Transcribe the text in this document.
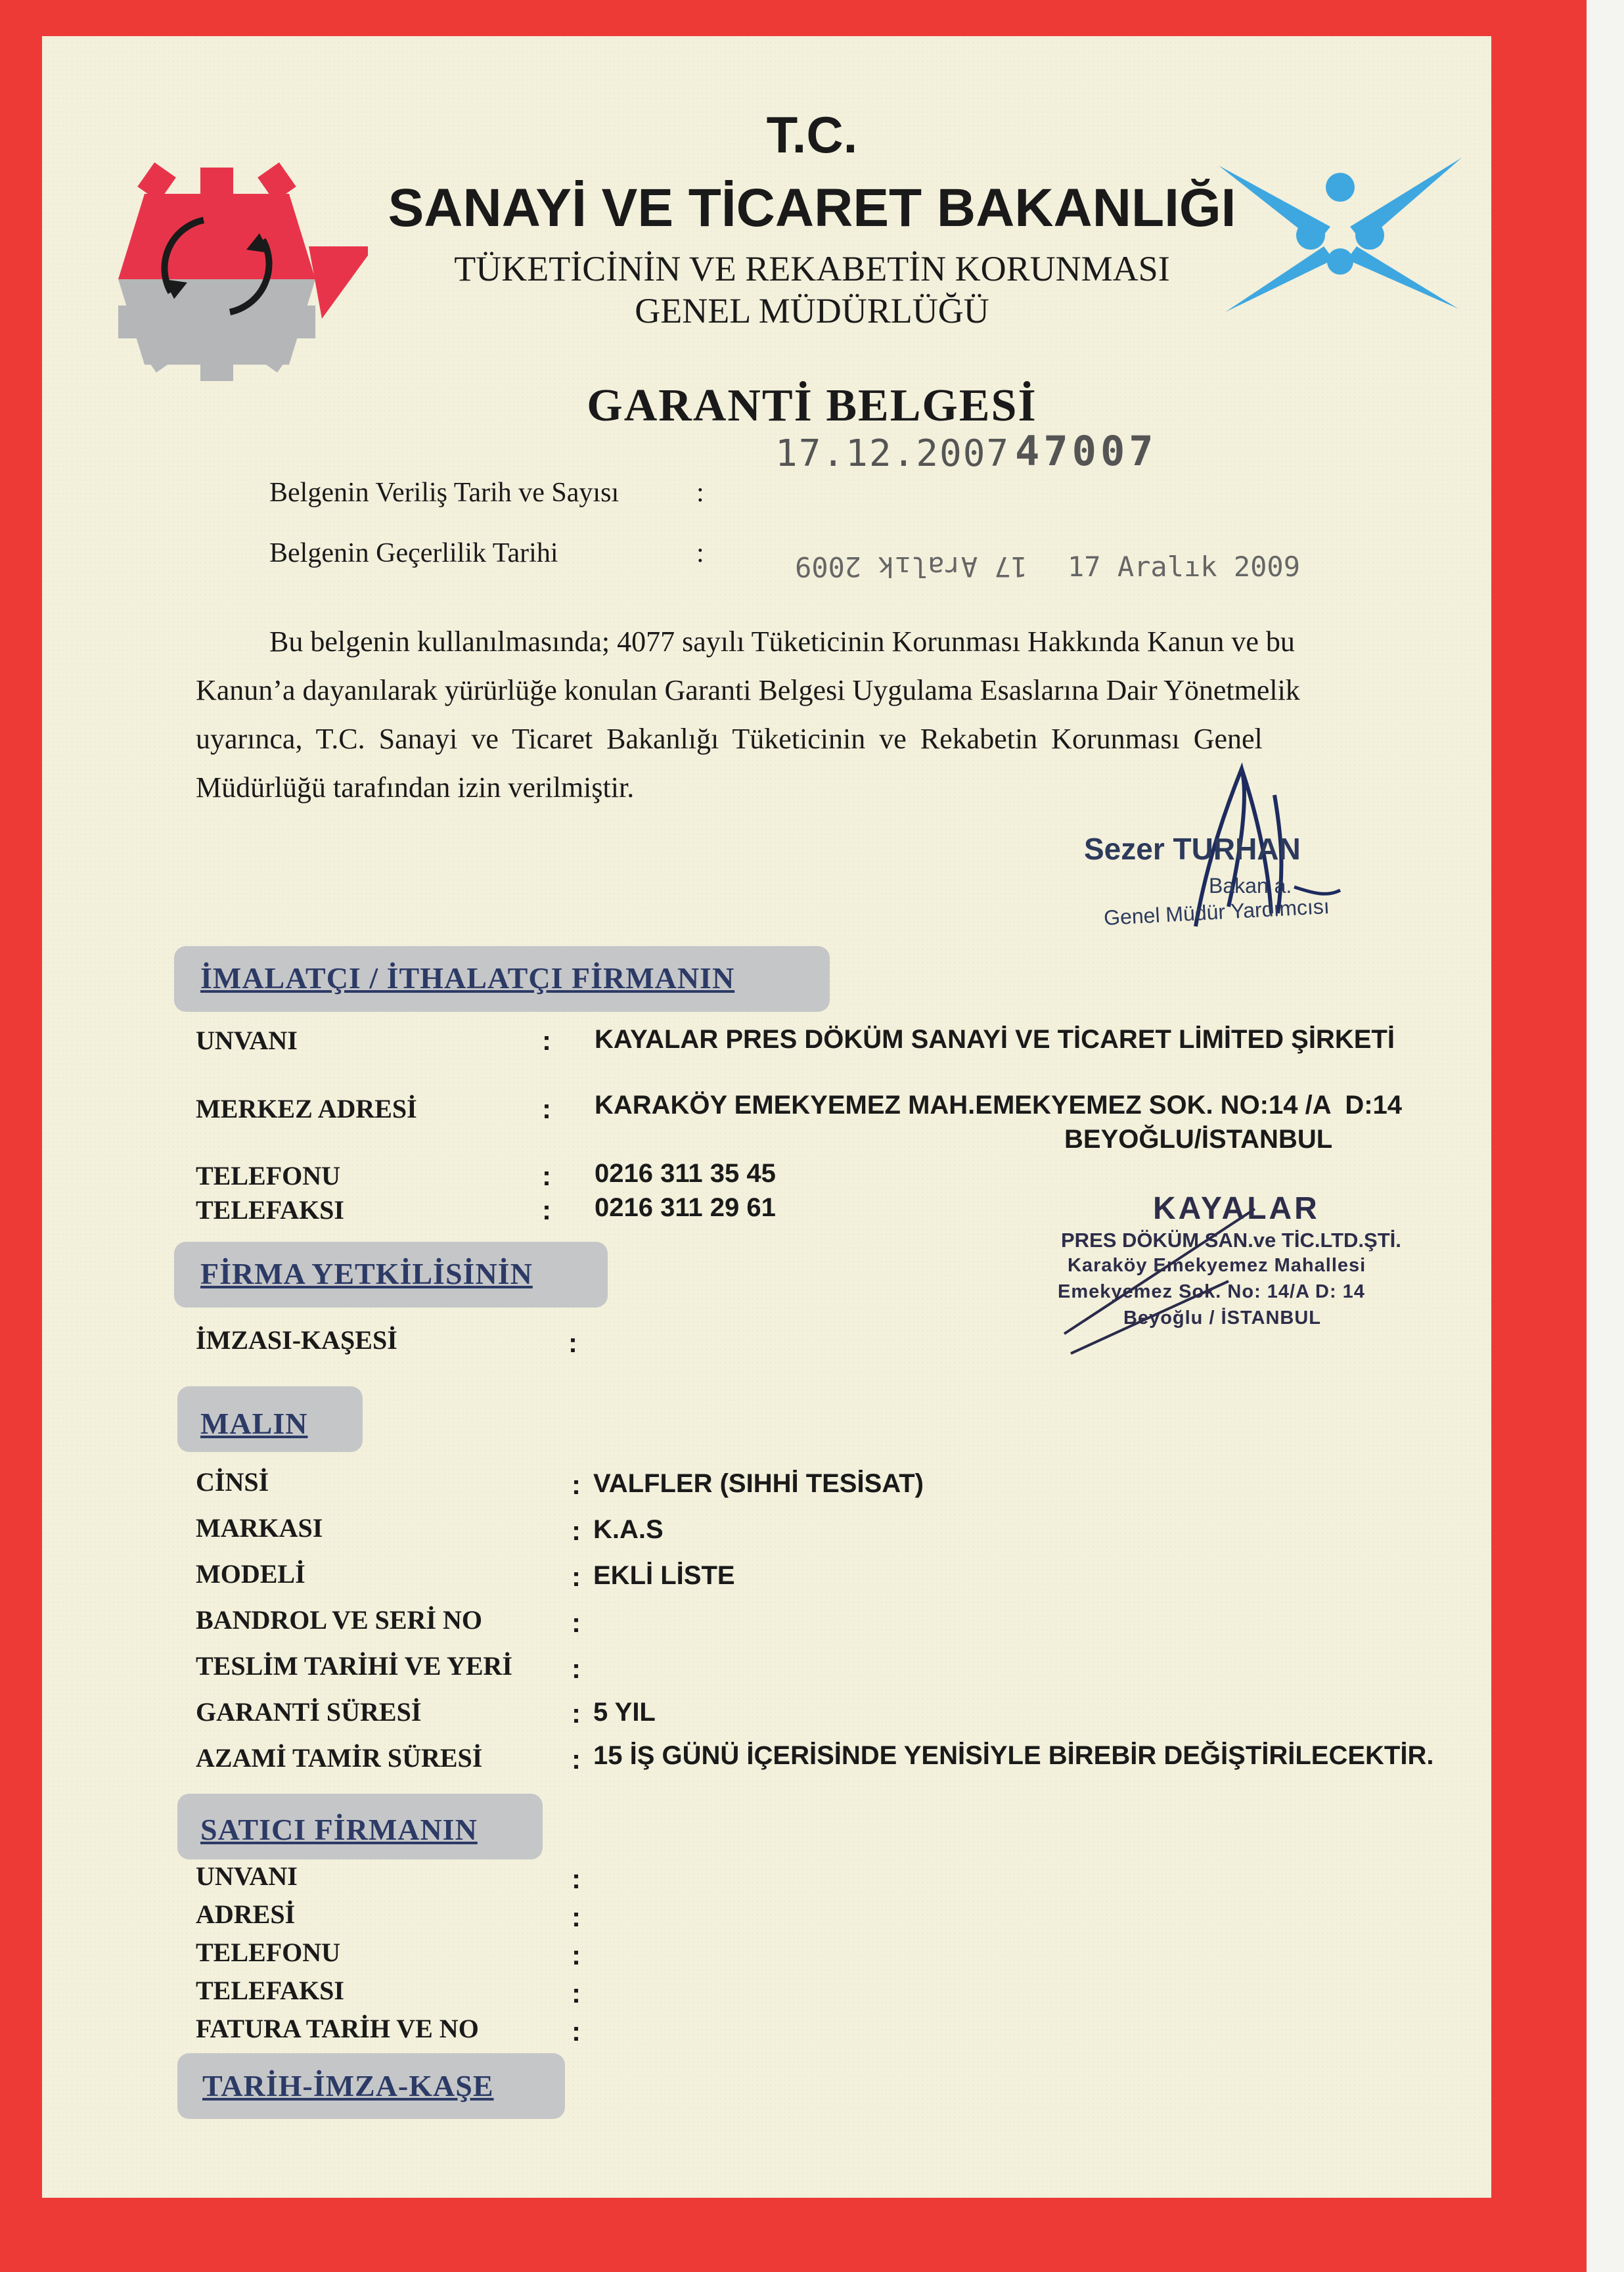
T.C.
SANAYİ VE TİCARET BAKANLIĞI
TÜKETİCİNİN VE REKABETİN KORUNMASI
GENEL MÜDÜRLÜĞÜ
GARANTİ BELGESİ
Belgenin Veriliş Tarih ve Sayısı	:
17.12.2007 47007
Belgenin Geçerlilik Tarihi	:	17 Aralık 2009 17 Aralık 2009
Bu belgenin kullanılmasında; 4077 sayılı Tüketicinin Korunması Hakkında Kanun ve bu
Kanun’a dayanılarak yürürlüğe konulan Garanti Belgesi Uygulama Esaslarına Dair Yönetmelik
uyarınca, T.C. Sanayi ve Ticaret Bakanlığı Tüketicinin ve Rekabetin Korunması Genel
Müdürlüğü tarafından izin verilmiştir.
Sezer TURHAN
Bakan a.
Genel Müdür Yardımcısı
İMALATÇI / İTHALATÇI FİRMANIN
UNVANI	: KAYALAR PRES DÖKÜM SANAYİ VE TİCARET LİMİTED ŞİRKETİ
MERKEZ ADRESİ	: KARAKÖY EMEKYEMEZ MAH.EMEKYEMEZ SOK. NO:14 /A  D:14
BEYOĞLU/İSTANBUL
TELEFONU	: 0216 311 35 45
TELEFAKSI	: 0216 311 29 61	KAYALAR
PRES DÖKÜM SAN.ve TİC.LTD.ŞTİ.
Karaköy Emekyemez Mahallesi
Emekyemez Sok. No: 14/A D: 14
Beyoğlu / İSTANBUL
FİRMA YETKİLİSİNİN
İMZASI-KAŞESİ	:
MALIN
CİNSİ	: VALFLER (SIHHİ TESİSAT)
MARKASI	: K.A.S
MODELİ	: EKLİ LİSTE
BANDROL VE SERİ NO	:
TESLİM TARİHİ VE YERİ :
GARANTİ SÜRESİ	: 5 YIL
AZAMİ TAMİR SÜRESİ	: 15 İŞ GÜNÜ İÇERİSİNDE YENİSİYLE BİREBİR DEĞİŞTİRİLECEKTİR.
SATICI FİRMANIN
UNVANI	:
ADRESİ	:
TELEFONU	:
TELEFAKSI	:
FATURA TARİH VE NO	:
TARİH-İMZA-KAŞE
